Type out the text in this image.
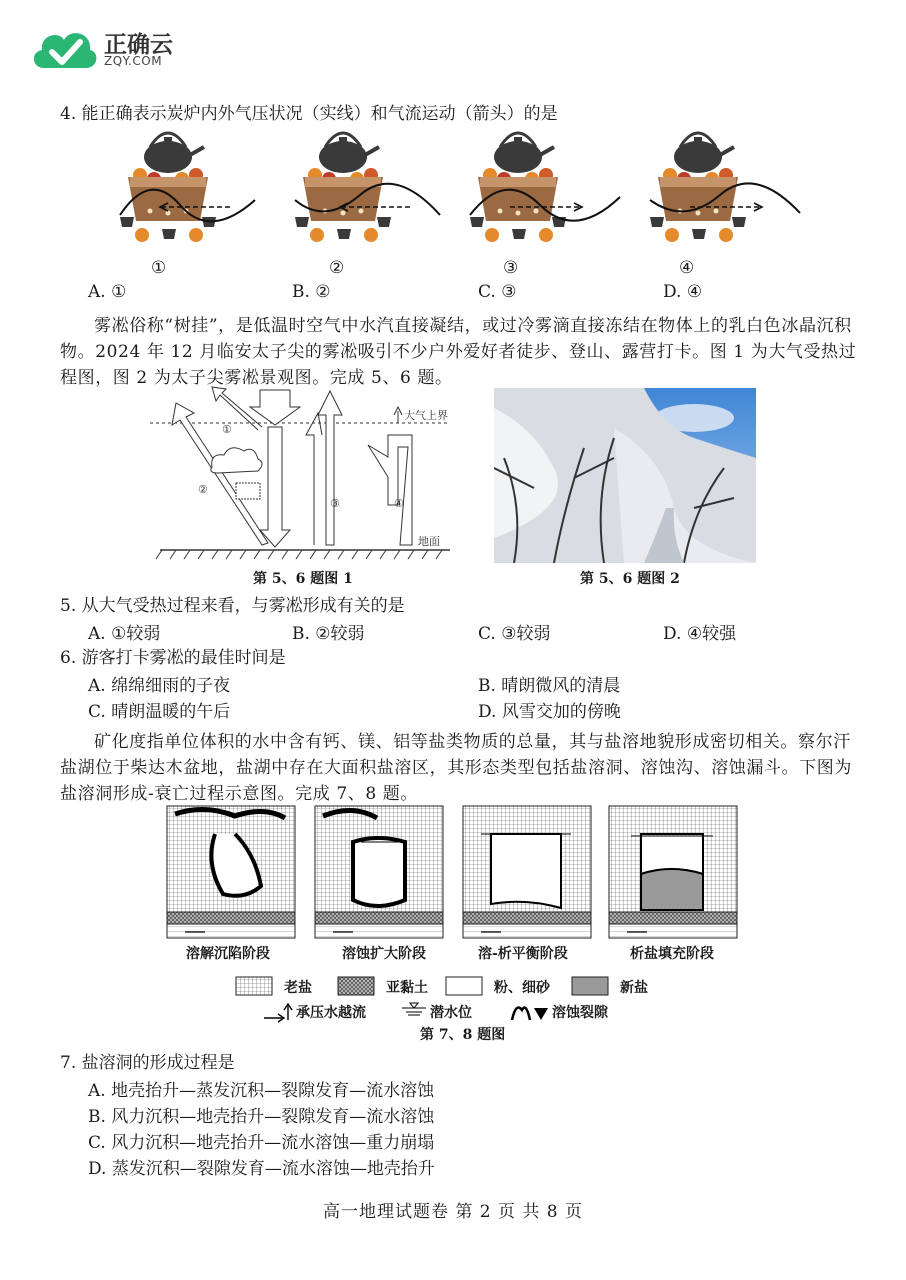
正确云
ZQY.COM
4. 能正确表示炭炉内外气压状况（实线）和气流运动（箭头）的是
①	②	③	④
A. ①	B. ②	C. ③	D. ④
雾凇俗称“树挂”，是低温时空气中水汽直接凝结，或过冷雾滴直接冻结在物体上的乳白色冰晶沉积物。2024 年 12 月临安太子尖的雾凇吸引不少户外爱好者徒步、登山、露营打卡。图 1 为大气受热过程图，图 2 为太子尖雾凇景观图。完成 5、6 题。
①
②
③	④
大气上界
地面
第 5、6 题图 1	第 5、6 题图 2
5. 从大气受热过程来看，与雾凇形成有关的是
A. ①较弱	B. ②较弱	C. ③较弱	D. ④较强
6. 游客打卡雾凇的最佳时间是
A. 绵绵细雨的子夜	B. 晴朗微风的清晨
C. 晴朗温暖的午后	D. 风雪交加的傍晚
矿化度指单位体积的水中含有钙、镁、铝等盐类物质的总量，其与盐溶地貌形成密切相关。察尔汗盐湖位于柴达木盆地，盐湖中存在大面积盐溶区，其形态类型包括盐溶洞、溶蚀沟、溶蚀漏斗。下图为盐溶洞形成-衰亡过程示意图。完成 7、8 题。
溶解沉陷阶段	溶蚀扩大阶段	溶-析平衡阶段	析盐填充阶段
老盐	亚黏土	粉、细砂	新盐
承压水越流	潜水位	溶蚀裂隙
第 7、8 题图
7. 盐溶洞的形成过程是
A. 地壳抬升—蒸发沉积—裂隙发育—流水溶蚀
B. 风力沉积—地壳抬升—裂隙发育—流水溶蚀
C. 风力沉积—地壳抬升—流水溶蚀—重力崩塌
D. 蒸发沉积—裂隙发育—流水溶蚀—地壳抬升
高一地理试题卷 第 2 页 共 8 页
